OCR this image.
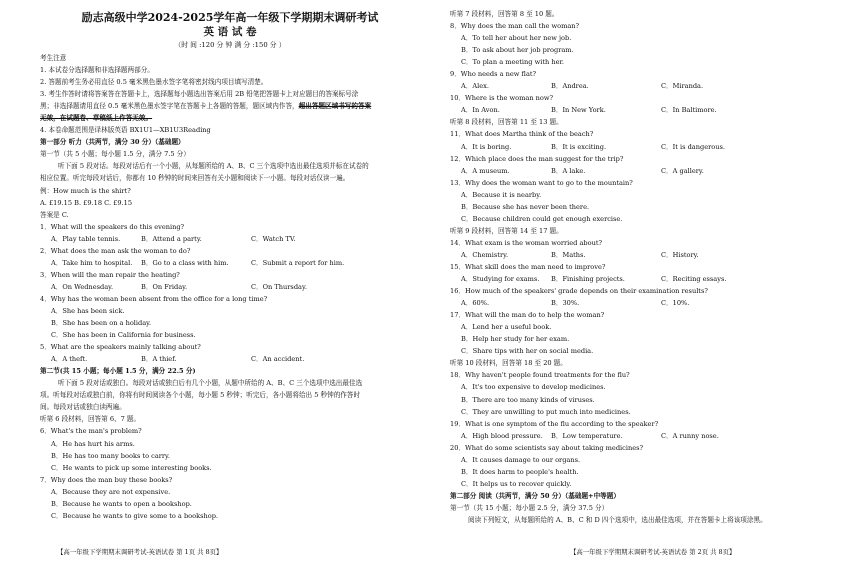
励志高级中学2024-2025学年高一年级下学期期末调研考试
英 语 试 卷
（时 间 :120 分 钟 满 分 :150 分 ）
考生注意
1. 本试卷分选择题和非选择题两部分。
2. 答题前考生务必用直径 0.5 毫米黑色墨水签字笔将密封线内项目填写清楚。
3. 考生作答时请将答案答在答题卡上，选择题每小题选出答案后用 2B 铅笔把答题卡上对应题目的答案标号涂
黑；非选择题请用直径 0.5 毫米黑色墨水签字笔在答题卡上各题的答题，题区域内作答，超出答题区域书写的答案
无效，在试题卷、草稿纸上作答无效。
4. 本卷命题范围是译林版英语 BX1U1—XB1U3Reading
第一部分 听力（共两节，满分 30 分）（基础题）
第一节（共 5 小题；每小题 1.5 分，满分 7.5 分）
听下面 5 段对话。每段对话后有一个小题，从每题所给的 A、B、C 三个选项中选出最佳选项并标在试卷的
相应位置。听完每段对话后，你都有 10 秒钟的时间来回答有关小题和阅读下一小题。每段对话仅读一遍。
例：How much is the shirt?
A. £19.15 B. £9.18 C. £9.15
答案是 C.
1．What will the speakers do this evening?
A．Play table tennis.	B．Attend a party.	C．Watch TV.
2．What does the man ask the woman to do?
A．Take him to hospital.	B．Go to a class with him.	C．Submit a report for him.
3．When will the man repair the heating?
A．On Wednesday.	B．On Friday.	C．On Thursday.
4．Why has the woman been absent from the office for a long time?
A．She has been sick.
B．She has been on a holiday.
C．She has been in California for business.
5．What are the speakers mainly talking about?
A．A theft.	B．A thief.	C．An accident.
第二节(共 15 小题；每小题 1.5 分，满分 22.5 分)
听下面 5 段对话或独白。每段对话或独白后有几个小题，从题中所给的 A、B、C 三个选项中选出最佳选
项。听每段对话或独白前，你将有时间阅读各个小题，每小题 5 秒钟；听完后，各小题将给出 5 秒钟的作答时
间。每段对话或独白读两遍。
听第 6 段材料，回答第 6、7 题。
6．What's the man's problem?
A．He has hurt his arms.
B．He has too many books to carry.
C．He wants to pick up some interesting books.
7．Why does the man buy these books?
A．Because they are not expensive.
B．Because he wants to open a bookshop.
C．Because he wants to give some to a bookshop.
听第 7 段材料，回答第 8 至 10 题。
8．Why does the man call the woman?
A．To tell her about her new job.
B．To ask about her job program.
C．To plan a meeting with her.
9．Who needs a new flat?
A．Alex.	B．Andrea.	C．Miranda.
10．Where is the woman now?
A．In Avon.	B．In New York.	C．In Baltimore.
听第 8 段材料，回答第 11 至 13 题。
11．What does Martha think of the beach?
A．It is boring.	B．It is exciting.	C．It is dangerous.
12．Which place does the man suggest for the trip?
A．A museum.	B．A lake.	C．A gallery.
13．Why does the woman want to go to the mountain?
A．Because it is nearby.
B．Because she has never been there.
C．Because children could get enough exercise.
听第 9 段材料，回答第 14 至 17 题。
14．What exam is the woman worried about?
A．Chemistry.	B．Maths.	C．History.
15．What skill does the man need to improve?
A．Studying for exams.	B．Finishing projects.	C．Reciting essays.
16．How much of the speakers' grade depends on their examination results?
A．60%.	B．30%.	C．10%.
17．What will the man do to help the woman?
A．Lend her a useful book.
B．Help her study for her exam.
C．Share tips with her on social media.
听第 10 段材料，回答第 18 至 20 题。
18．Why haven't people found treatments for the flu?
A．It's too expensive to develop medicines.
B．There are too many kinds of viruses.
C．They are unwilling to put much into medicines.
19．What is one symptom of the flu according to the speaker?
A．High blood pressure.	B．Low temperature.	C．A runny nose.
20．What do some scientists say about taking medicines?
A．It causes damage to our organs.
B．It does harm to people's health.
C．It helps us to recover quickly.
第二部分 阅读（共两节，满分 50 分）（基础题+中等题）
第一节（共 15 小题；每小题 2.5 分，满分 37.5 分）
阅读下列短文，从每题所给的 A、B、C 和 D 四个选项中，选出最佳选项，并在答题卡上将该项涂黑。
【高一年级下学期期末调研考试-英语试卷 第 1页 共 8页】	【高一年级下学期期末调研考试-英语试卷 第 2页 共 8页】
